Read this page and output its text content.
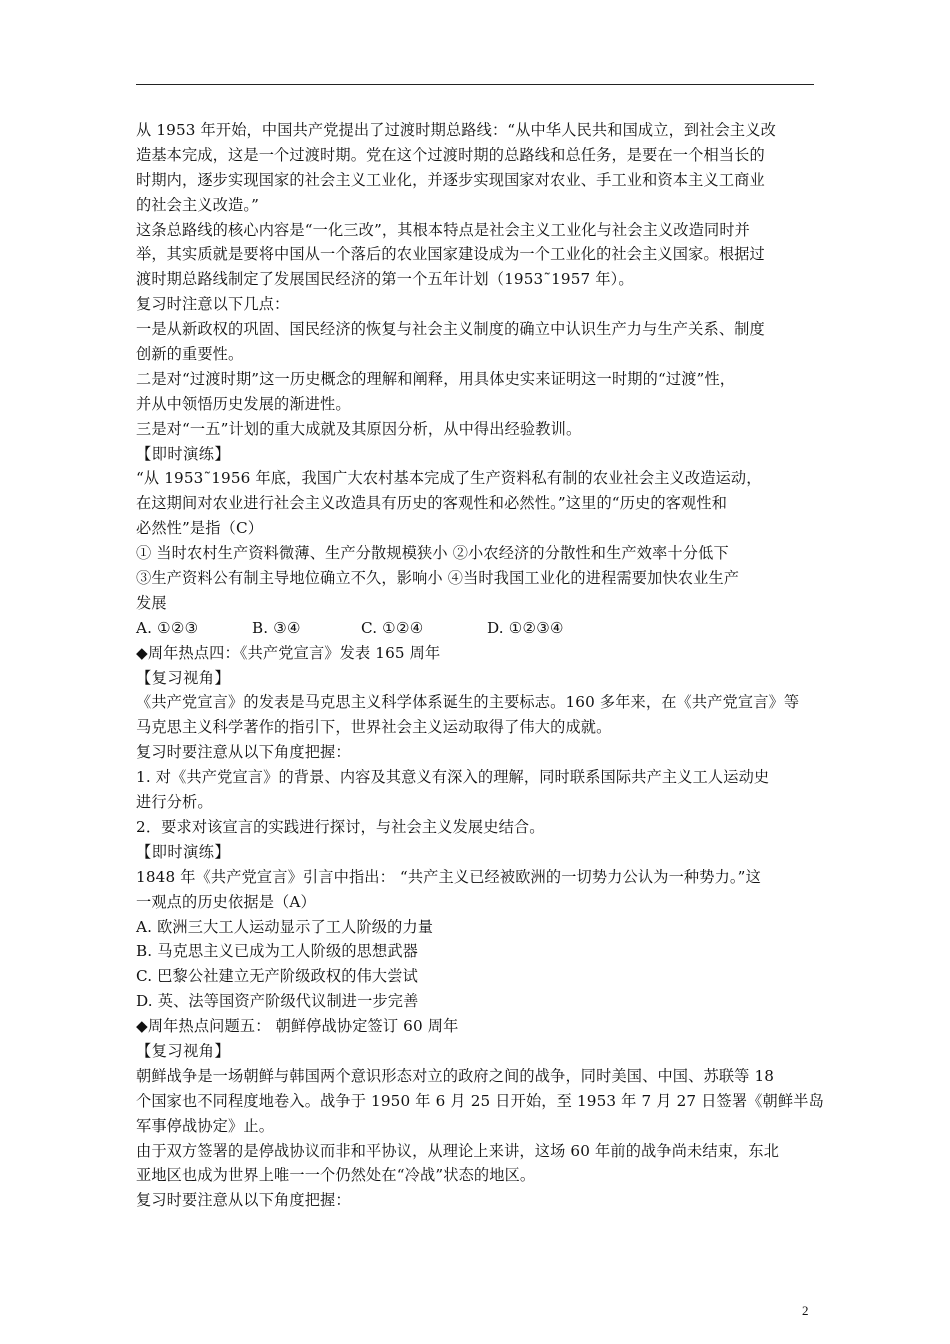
从 1953 年开始，中国共产党提出了过渡时期总路线：“从中华人民共和国成立，到社会主义改
造基本完成，这是一个过渡时期。党在这个过渡时期的总路线和总任务，是要在一个相当长的
时期内，逐步实现国家的社会主义工业化，并逐步实现国家对农业、手工业和资本主义工商业
的社会主义改造。”
这条总路线的核心内容是“一化三改”，其根本特点是社会主义工业化与社会主义改造同时并
举，其实质就是要将中国从一个落后的农业国家建设成为一个工业化的社会主义国家。根据过
渡时期总路线制定了发展国民经济的第一个五年计划（1953˜1957 年）。
复习时注意以下几点：
一是从新政权的巩固、国民经济的恢复与社会主义制度的确立中认识生产力与生产关系、制度
创新的重要性。
二是对“过渡时期”这一历史概念的理解和阐释，用具体史实来证明这一时期的“过渡”性，
并从中领悟历史发展的渐进性。
三是对“一五”计划的重大成就及其原因分析，从中得出经验教训。
【即时演练】
“从 1953˜1956 年底，我国广大农村基本完成了生产资料私有制的农业社会主义改造运动，
在这期间对农业进行社会主义改造具有历史的客观性和必然性。”这里的“历史的客观性和
必然性”是指（C）
① 当时农村生产资料微薄、生产分散规模狭小 ②小农经济的分散性和生产效率十分低下
③生产资料公有制主导地位确立不久，影响小 ④当时我国工业化的进程需要加快农业生产
发展
A. ①②③	B. ③④	C. ①②④	D. ①②③④
◆周年热点四：《共产党宣言》发表 165 周年
【复习视角】
《共产党宣言》的发表是马克思主义科学体系诞生的主要标志。160 多年来，在《共产党宣言》等
马克思主义科学著作的指引下，世界社会主义运动取得了伟大的成就。
复习时要注意从以下角度把握：
1. 对《共产党宣言》的背景、内容及其意义有深入的理解，同时联系国际共产主义工人运动史
进行分析。
2．要求对该宣言的实践进行探讨，与社会主义发展史结合。
【即时演练】
1848 年《共产党宣言》引言中指出： “共产主义已经被欧洲的一切势力公认为一种势力。”这
一观点的历史依据是（A）
A. 欧洲三大工人运动显示了工人阶级的力量
B. 马克思主义已成为工人阶级的思想武器
C. 巴黎公社建立无产阶级政权的伟大尝试
D. 英、法等国资产阶级代议制进一步完善
◆周年热点问题五： 朝鲜停战协定签订 60 周年
【复习视角】
朝鲜战争是一场朝鲜与韩国两个意识形态对立的政府之间的战争，同时美国、中国、苏联等 18
个国家也不同程度地卷入。战争于 1950 年 6 月 25 日开始，至 1953 年 7 月 27 日签署《朝鲜半岛
军事停战协定》止。
由于双方签署的是停战协议而非和平协议，从理论上来讲，这场 60 年前的战争尚未结束，东北
亚地区也成为世界上唯一一个仍然处在“冷战”状态的地区。
复习时要注意从以下角度把握：
2
